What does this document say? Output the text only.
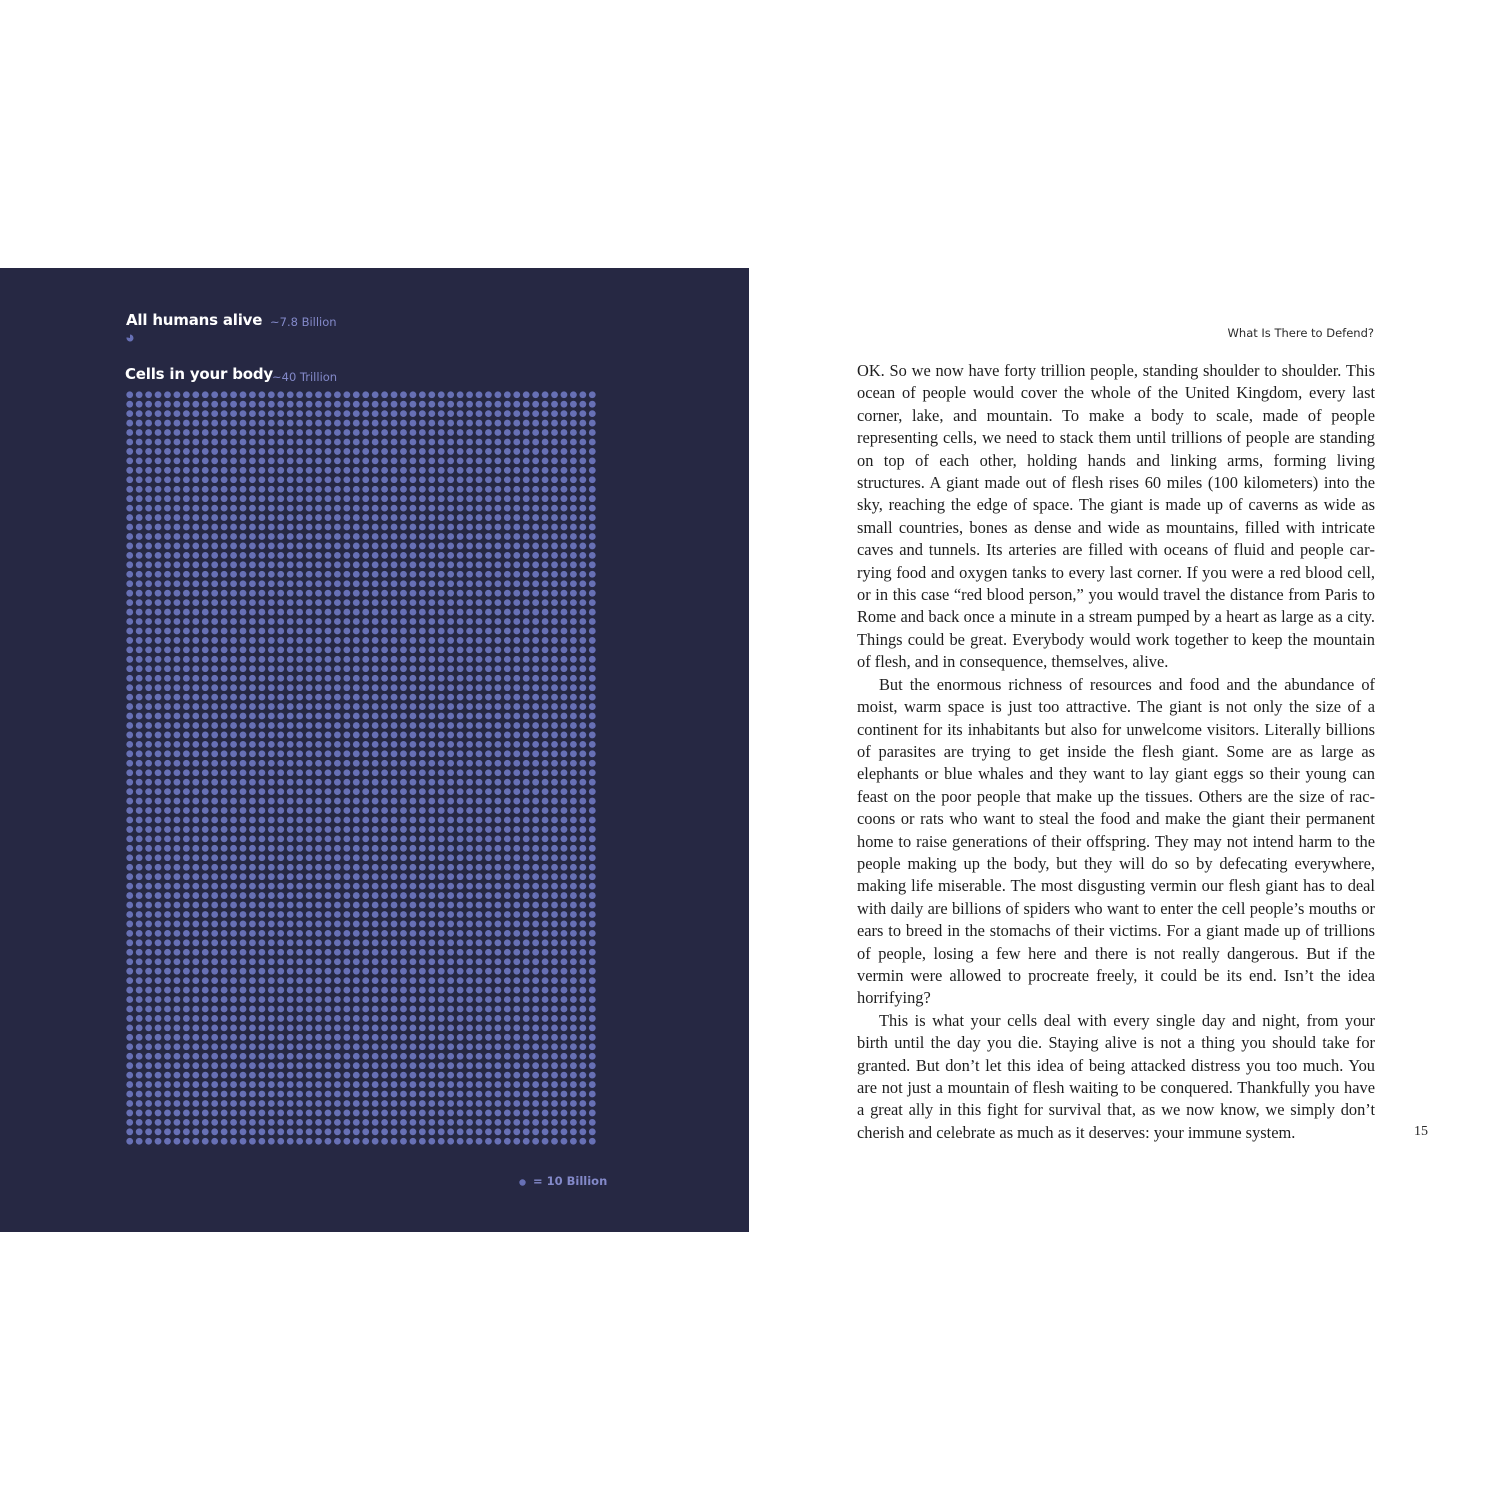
All humans alive ~7.8 Billion
Cells in your body ~40 Trillion
= 10 Billion
What Is There to Defend?

OK. So we now have forty trillion people, standing shoulder to shoulder. This ocean of people would cover the whole of the United Kingdom, every last corner, lake, and mountain. To make a body to scale, made of people representing cells, we need to stack them until trillions of people are standing on top of each other, holding hands and linking arms, forming living structures. A giant made out of flesh rises 60 miles (100 kilometers) into the sky, reaching the edge of space. The giant is made up of caverns as wide as small countries, bones as dense and wide as mountains, filled with intricate caves and tunnels. Its arteries are filled with oceans of fluid and people carrying food and oxygen tanks to every last corner. If you were a red blood cell, or in this case “red blood person,” you would travel the distance from Paris to Rome and back once a minute in a stream pumped by a heart as large as a city. Things could be great. Everybody would work together to keep the mountain of flesh, and in consequence, themselves, alive.

But the enormous richness of resources and food and the abundance of moist, warm space is just too attractive. The giant is not only the size of a continent for its inhabitants but also for unwelcome visitors. Literally billions of parasites are trying to get inside the flesh giant. Some are as large as elephants or blue whales and they want to lay giant eggs so their young can feast on the poor people that make up the tissues. Others are the size of raccoons or rats who want to steal the food and make the giant their permanent home to raise generations of their offspring. They may not intend harm to the people making up the body, but they will do so by defecating everywhere, making life miserable. The most disgusting vermin our flesh giant has to deal with daily are billions of spiders who want to enter the cell people’s mouths or ears to breed in the stomachs of their victims. For a giant made up of trillions of people, losing a few here and there is not really dangerous. But if the vermin were allowed to procreate freely, it could be its end. Isn’t the idea horrifying?

This is what your cells deal with every single day and night, from your birth until the day you die. Staying alive is not a thing you should take for granted. But don’t let this idea of being attacked distress you too much. You are not just a mountain of flesh waiting to be conquered. Thankfully you have a great ally in this fight for survival that, as we now know, we simply don’t cherish and celebrate as much as it deserves: your immune system.	15
